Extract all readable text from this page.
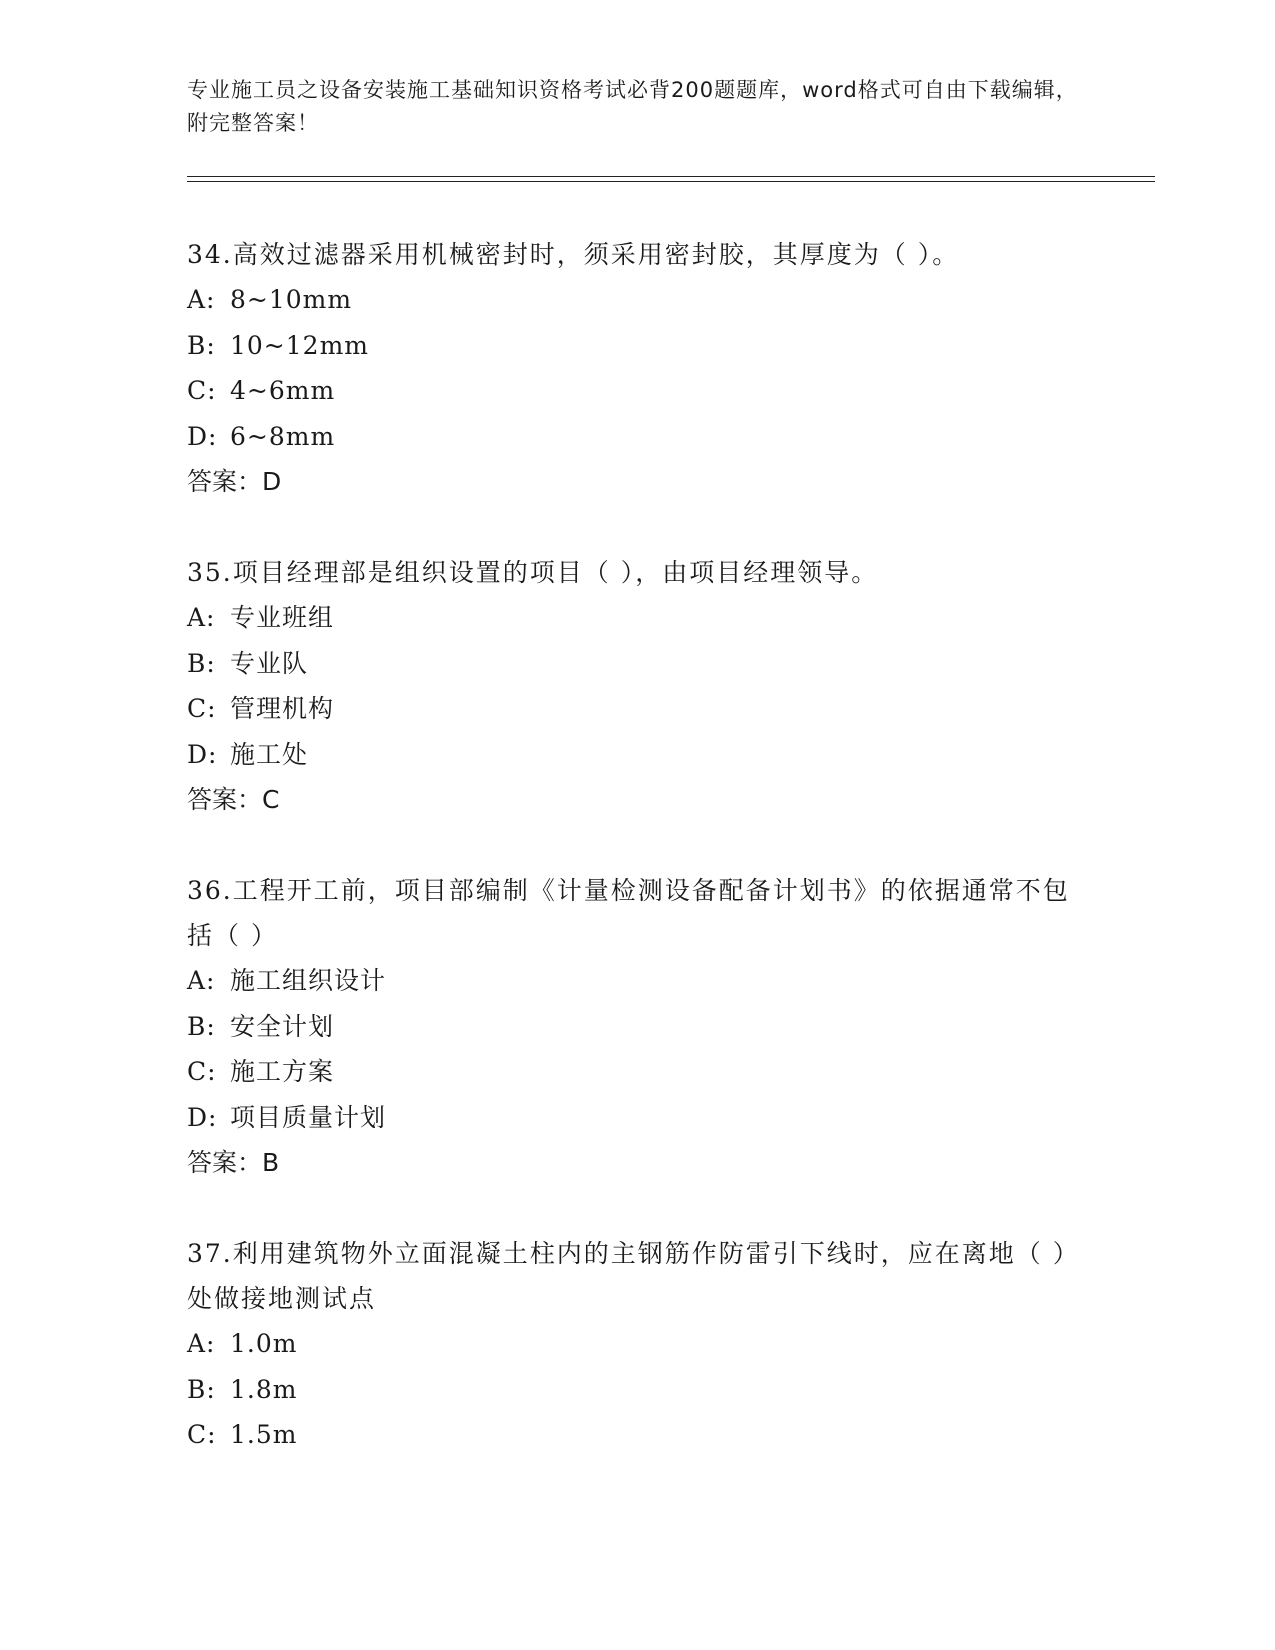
专业施工员之设备安装施工基础知识资格考试必背200题题库，word格式可自由下载编辑，附完整答案！

34.高效过滤器采用机械密封时，须采用密封胶，其厚度为（ ）。

A: 8~10mm

B: 10~12mm

C: 4~6mm

D: 6~8mm

答案：D

35.项目经理部是组织设置的项目（ ），由项目经理领导。

A: 专业班组

B: 专业队

C: 管理机构

D: 施工处

答案：C

36.工程开工前，项目部编制《计量检测设备配备计划书》的依据通常不包括（ ）

A: 施工组织设计

B: 安全计划

C: 施工方案

D: 项目质量计划

答案：B

37.利用建筑物外立面混凝土柱内的主钢筋作防雷引下线时，应在离地（ ）处做接地测试点

A: 1.0m

B: 1.8m

C: 1.5m
